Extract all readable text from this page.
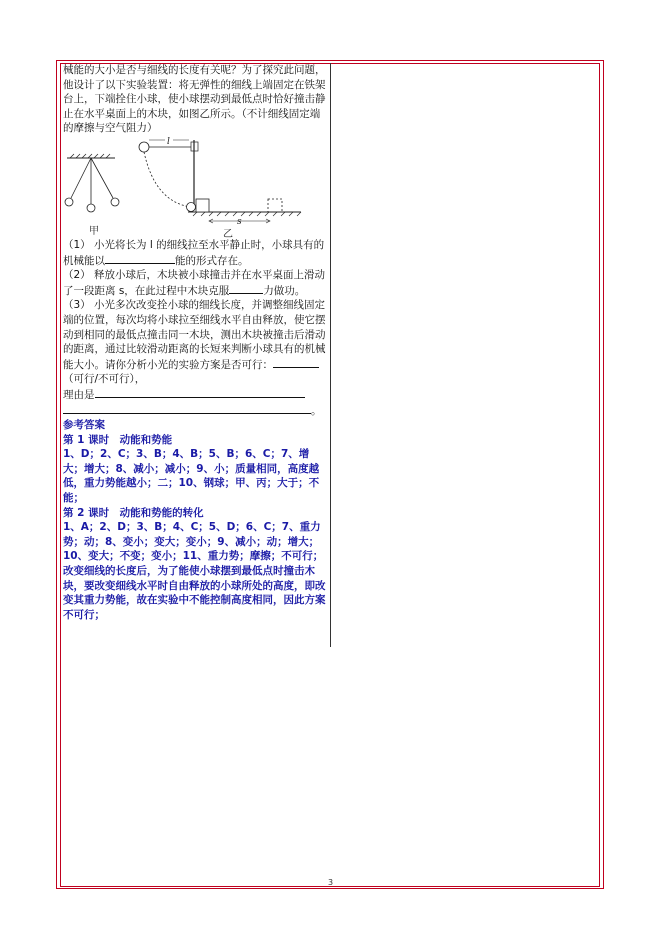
械能的大小是否与细线的长度有关呢？为了探究此问题，他设计了以下实验装置：将无弹性的细线上端固定在铁架台上，下端拴住小球，使小球摆动到最低点时恰好撞击静止在水平桌面上的木块，如图乙所示。（不计细线固定端的摩擦与空气阻力）

甲
l
s
乙

（1） 小光将长为 l 的细线拉至水平静止时，小球具有的机械能以	能的形式存在。

（2） 释放小球后，木块被小球撞击并在水平桌面上滑动了一段距离 s，在此过程中木块克服	力做功。

（3） 小光多次改变拴小球的细线长度，并调整细线固定端的位置，每次均将小球拉至细线水平自由释放，使它摆动到相同的最低点撞击同一木块，测出木块被撞击后滑动的距离，通过比较滑动距离的长短来判断小球具有的机械能大小。请你分析小光的实验方案是否可行：（可行/不可行），
理由是
。

参考答案

第 1 课时　动能和势能

1、D；2、C；3、B；4、B；5、B；6、C；7、增大；增大；8、减小；减小；9、小；质量相同，高度越低，重力势能越小；二；10、钢球；甲、丙；大于；不能；

第 2 课时　动能和势能的转化

1、A；2、D；3、B；4、C；5、D；6、C；7、重力势；动；8、变小；变大；变小；9、减小；动；增大；10、变大；不变；变小；11、重力势；摩擦；不可行；改变细线的长度后，为了能使小球摆到最低点时撞击木块，要改变细线水平时自由释放的小球所处的高度，即改变其重力势能，故在实验中不能控制高度相同，因此方案不可行；

3
